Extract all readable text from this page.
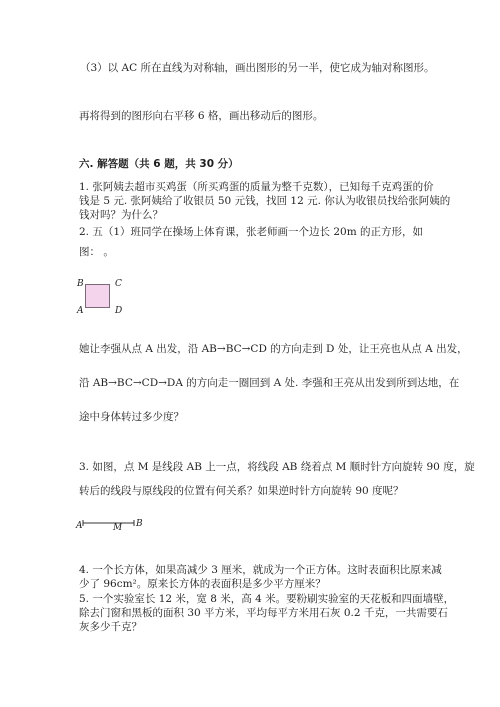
（3）以 AC 所在直线为对称轴，画出图形的另一半，使它成为轴对称图形。

再将得到的图形向右平移 6 格，画出移动后的图形。

六. 解答题（共 6 题，共 30 分）

1. 张阿姨去超市买鸡蛋（所买鸡蛋的质量为整千克数），已知每千克鸡蛋的价

钱是 5 元. 张阿姨给了收银员 50 元钱，找回 12 元. 你认为收银员找给张阿姨的

钱对吗？为什么？

2. 五（1）班同学在操场上体育课，张老师画一个边长 20m 的正方形，如

图： 。

B	C
A	D

她让李强从点 A 出发，沿 AB→BC→CD 的方向走到 D 处，让王亮也从点 A 出发，

沿 AB→BC→CD→DA 的方向走一圈回到 A 处. 李强和王亮从出发到所到达地，在

途中身体转过多少度？

3. 如图，点 M 是线段 AB 上一点，将线段 AB 绕着点 M 顺时针方向旋转 90 度，旋

转后的线段与原线段的位置有何关系？如果逆时针方向旋转 90 度呢？

A	M B

4. 一个长方体，如果高减少 3 厘米，就成为一个正方体。这时表面积比原来减

少了 96cm²。原来长方体的表面积是多少平方厘米？

5. 一个实验室长 12 米，宽 8 米，高 4 米。要粉刷实验室的天花板和四面墙壁，

除去门窗和黑板的面积 30 平方米，平均每平方米用石灰 0.2 千克，一共需要石

灰多少千克？
